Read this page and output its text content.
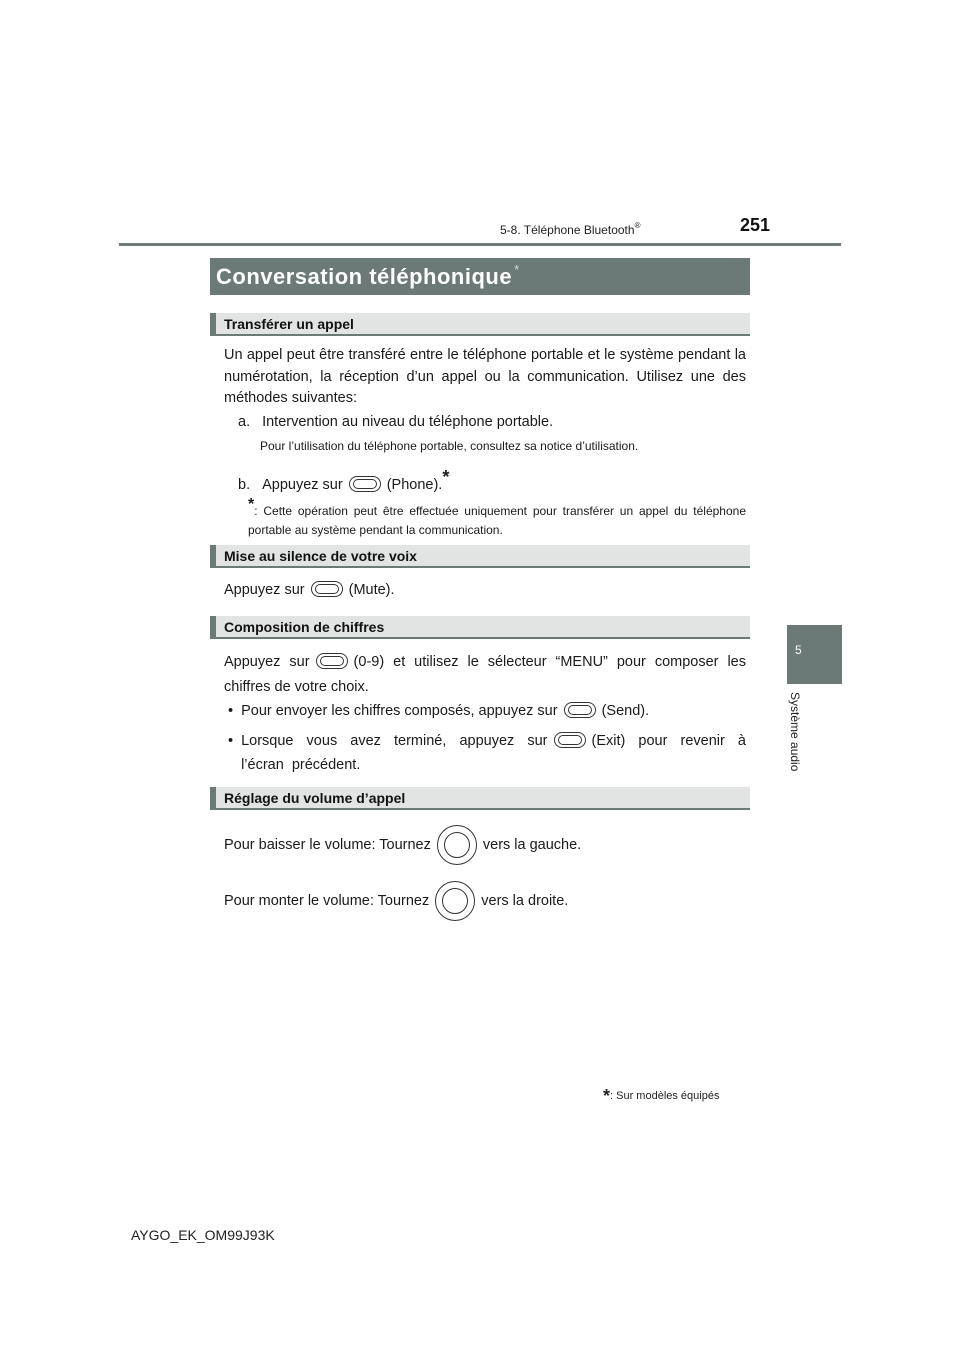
5-8. Téléphone Bluetooth®	251
Conversation téléphonique *
Transférer un appel
Un appel peut être transféré entre le téléphone portable et le système pendant la numérotation, la réception d’un appel ou la communication. Utilisez une des méthodes suivantes:
a. Intervention au niveau du téléphone portable.
Pour l’utilisation du téléphone portable, consultez sa notice d’utilisation.
b. Appuyez sur	(Phone).*
*: Cette opération peut être effectuée uniquement pour transférer un appel du téléphone portable au système pendant la communication.
Mise au silence de votre voix
Appuyez sur	(Mute).
Composition de chiffres
Appuyez sur	(0-9) et utilisez le sélecteur “MENU” pour composer les chiffres de votre choix.
• Pour envoyer les chiffres composés, appuyez sur	(Send).
• Lorsque vous avez terminé, appuyez sur	(Exit) pour revenir à l’écran précédent.
Réglage du volume d’appel
Pour baisser le volume: Tournez	vers la gauche.
Pour monter le volume: Tournez	vers la droite.
5
Système audio
*: Sur modèles équipés
AYGO_EK_OM99J93K
